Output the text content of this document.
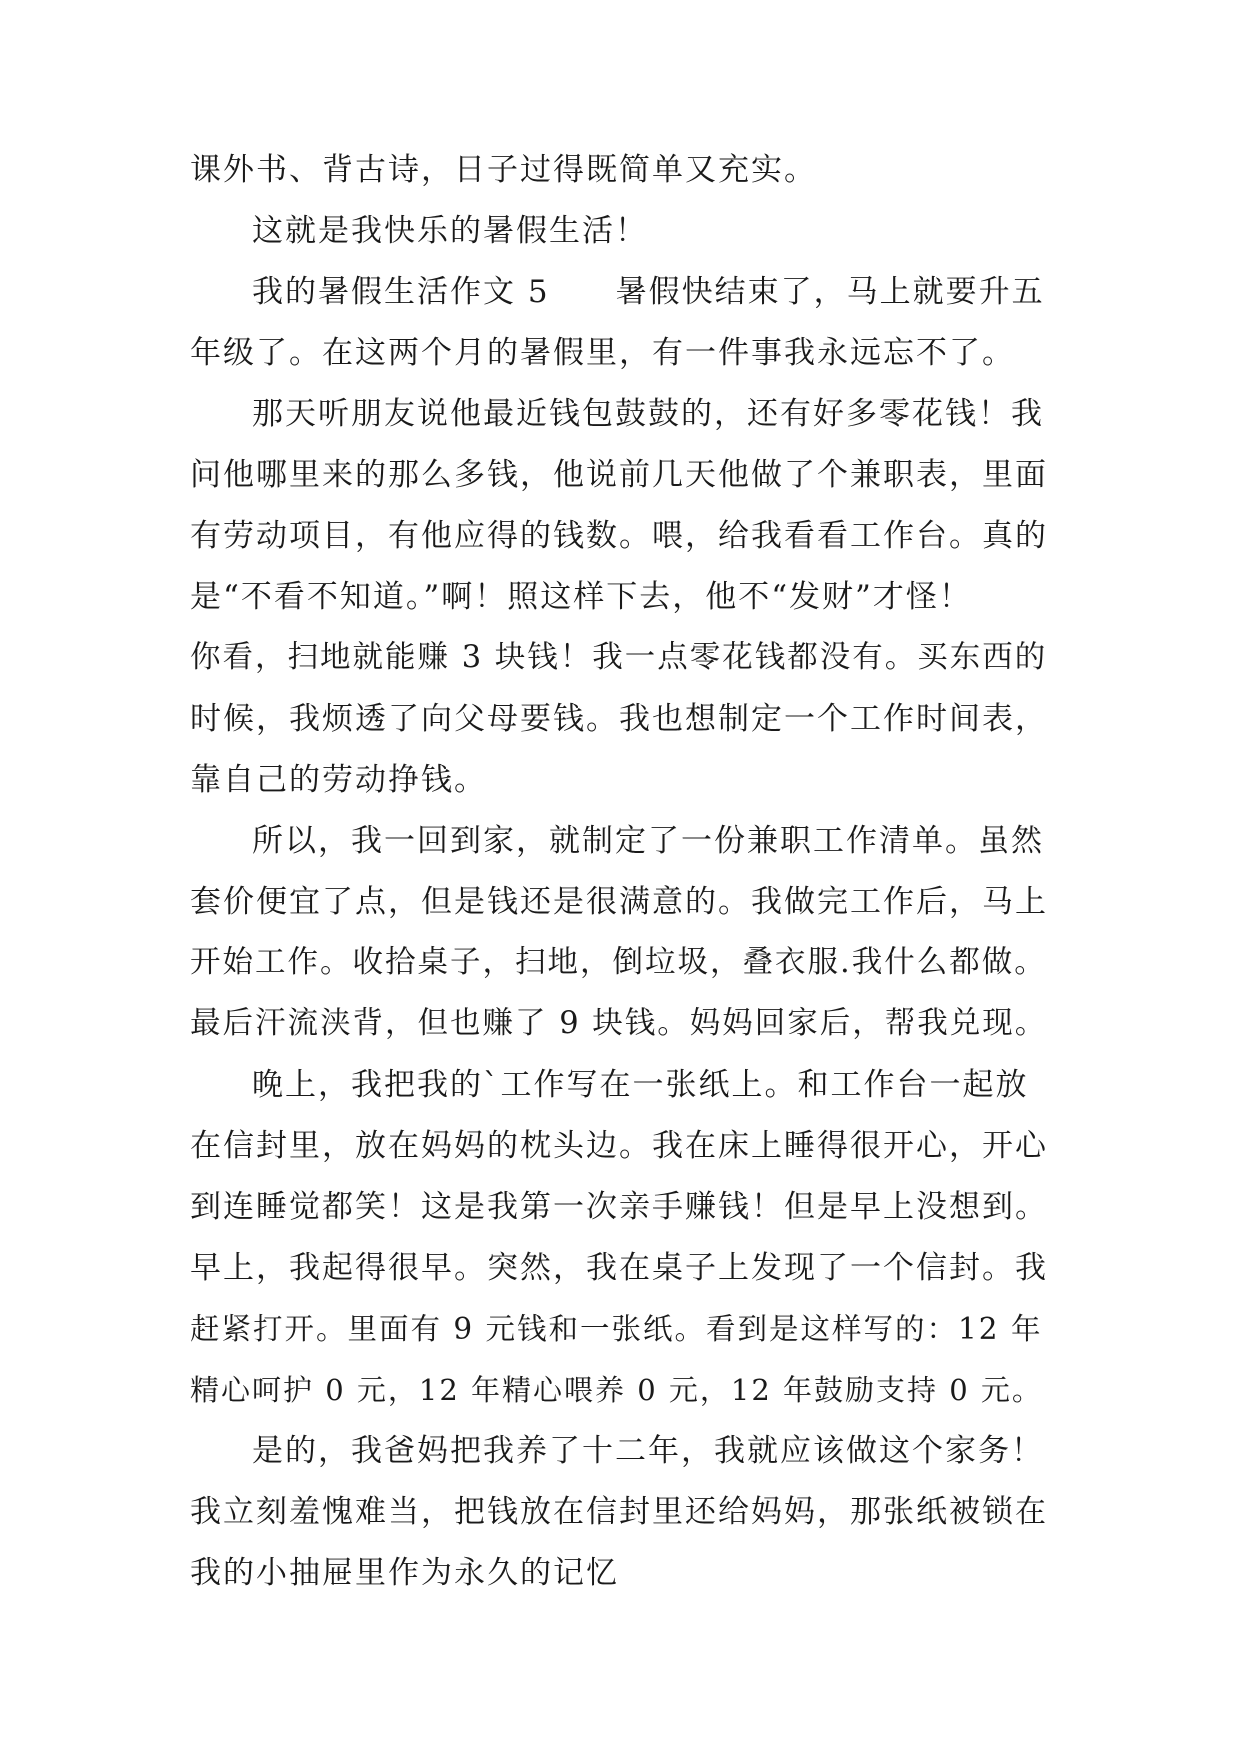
课外书、背古诗，日子过得既简单又充实。
这就是我快乐的暑假生活！
我的暑假生活作文 5　　暑假快结束了，马上就要升五
年级了。在这两个月的暑假里，有一件事我永远忘不了。
那天听朋友说他最近钱包鼓鼓的，还有好多零花钱！我
问他哪里来的那么多钱，他说前几天他做了个兼职表，里面
有劳动项目，有他应得的钱数。喂，给我看看工作台。真的
是“不看不知道。”啊！照这样下去，他不“发财”才怪！
你看，扫地就能赚 3 块钱！我一点零花钱都没有。买东西的
时候，我烦透了向父母要钱。我也想制定一个工作时间表，
靠自己的劳动挣钱。
所以，我一回到家，就制定了一份兼职工作清单。虽然
套价便宜了点，但是钱还是很满意的。我做完工作后，马上
开始工作。收拾桌子，扫地，倒垃圾，叠衣服.我什么都做。
最后汗流浃背，但也赚了 9 块钱。妈妈回家后，帮我兑现。
晚上，我把我的`工作写在一张纸上。和工作台一起放
在信封里，放在妈妈的枕头边。我在床上睡得很开心，开心
到连睡觉都笑！这是我第一次亲手赚钱！但是早上没想到。
早上，我起得很早。突然，我在桌子上发现了一个信封。我
赶紧打开。里面有 9 元钱和一张纸。看到是这样写的：12 年
精心呵护 0 元，12 年精心喂养 0 元，12 年鼓励支持 0 元。
是的，我爸妈把我养了十二年，我就应该做这个家务！
我立刻羞愧难当，把钱放在信封里还给妈妈，那张纸被锁在
我的小抽屉里作为永久的记忆
